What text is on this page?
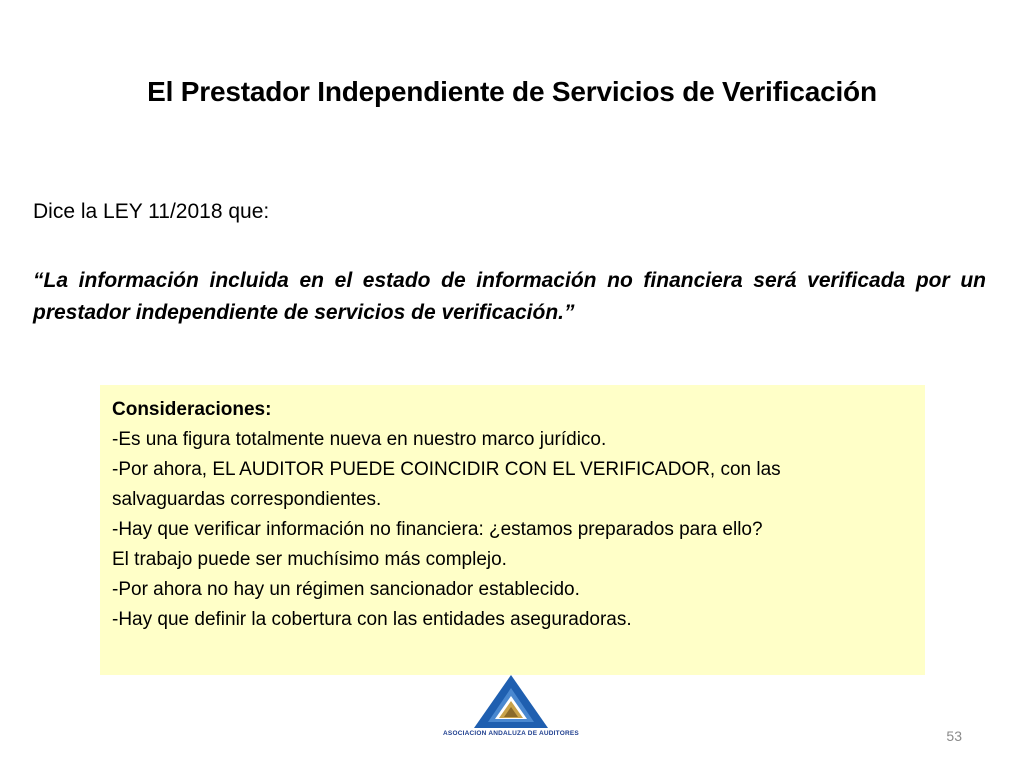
El Prestador Independiente de Servicios de Verificación

Dice la LEY 11/2018 que:

“La información incluida en el estado de información no financiera será verificada por un prestador independiente de servicios de verificación.”

Consideraciones:

-Es una figura totalmente nueva en nuestro marco jurídico.

-Por ahora, EL AUDITOR PUEDE COINCIDIR CON EL VERIFICADOR, con las

salvaguardas correspondientes.

-Hay que verificar información no financiera: ¿estamos preparados para ello?

El trabajo puede ser muchísimo más complejo.

-Por ahora no hay un régimen sancionador establecido.

-Hay que definir la cobertura con las entidades aseguradoras.

ASOCIACION ANDALUZA DE AUDITORES	53
